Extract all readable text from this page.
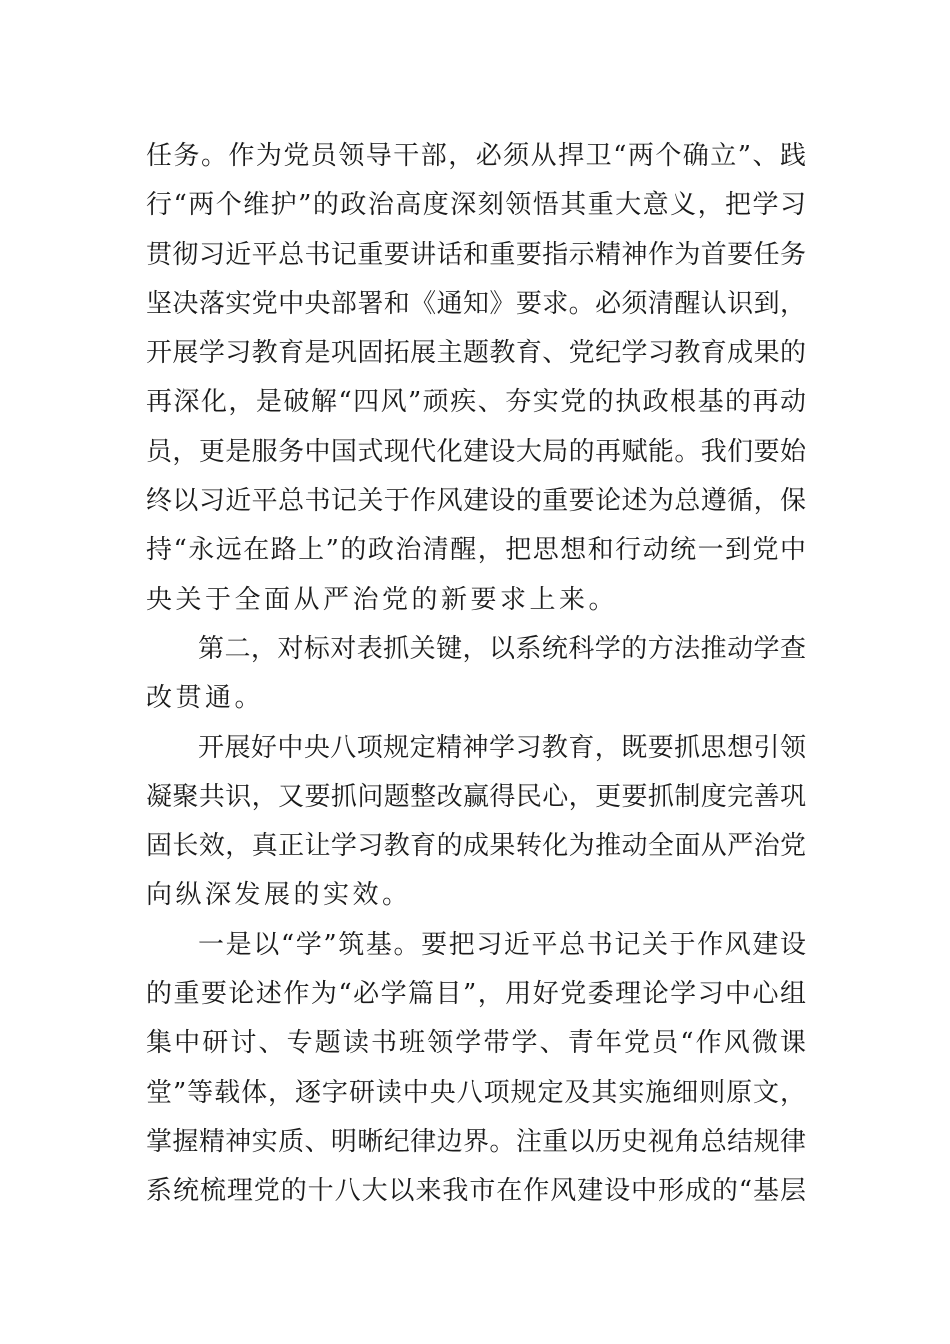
任务。作为党员领导干部，必须从捍卫“两个确立”、践
行“两个维护”的政治高度深刻领悟其重大意义，把学习
贯彻习近平总书记重要讲话和重要指示精神作为首要任务
坚决落实党中央部署和《通知》要求。必须清醒认识到，
开展学习教育是巩固拓展主题教育、党纪学习教育成果的
再深化，是破解“四风”顽疾、夯实党的执政根基的再动
员，更是服务中国式现代化建设大局的再赋能。我们要始
终以习近平总书记关于作风建设的重要论述为总遵循，保
持“永远在路上”的政治清醒，把思想和行动统一到党中
央关于全面从严治党的新要求上来。
第二，对标对表抓关键，以系统科学的方法推动学查
改贯通。
开展好中央八项规定精神学习教育，既要抓思想引领
凝聚共识，又要抓问题整改赢得民心，更要抓制度完善巩
固长效，真正让学习教育的成果转化为推动全面从严治党
向纵深发展的实效。
一是以“学”筑基。要把习近平总书记关于作风建设
的重要论述作为“必学篇目”，用好党委理论学习中心组
集中研讨、专题读书班领学带学、青年党员“作风微课
堂”等载体，逐字研读中央八项规定及其实施细则原文，
掌握精神实质、明晰纪律边界。注重以历史视角总结规律
系统梳理党的十八大以来我市在作风建设中形成的“基层
